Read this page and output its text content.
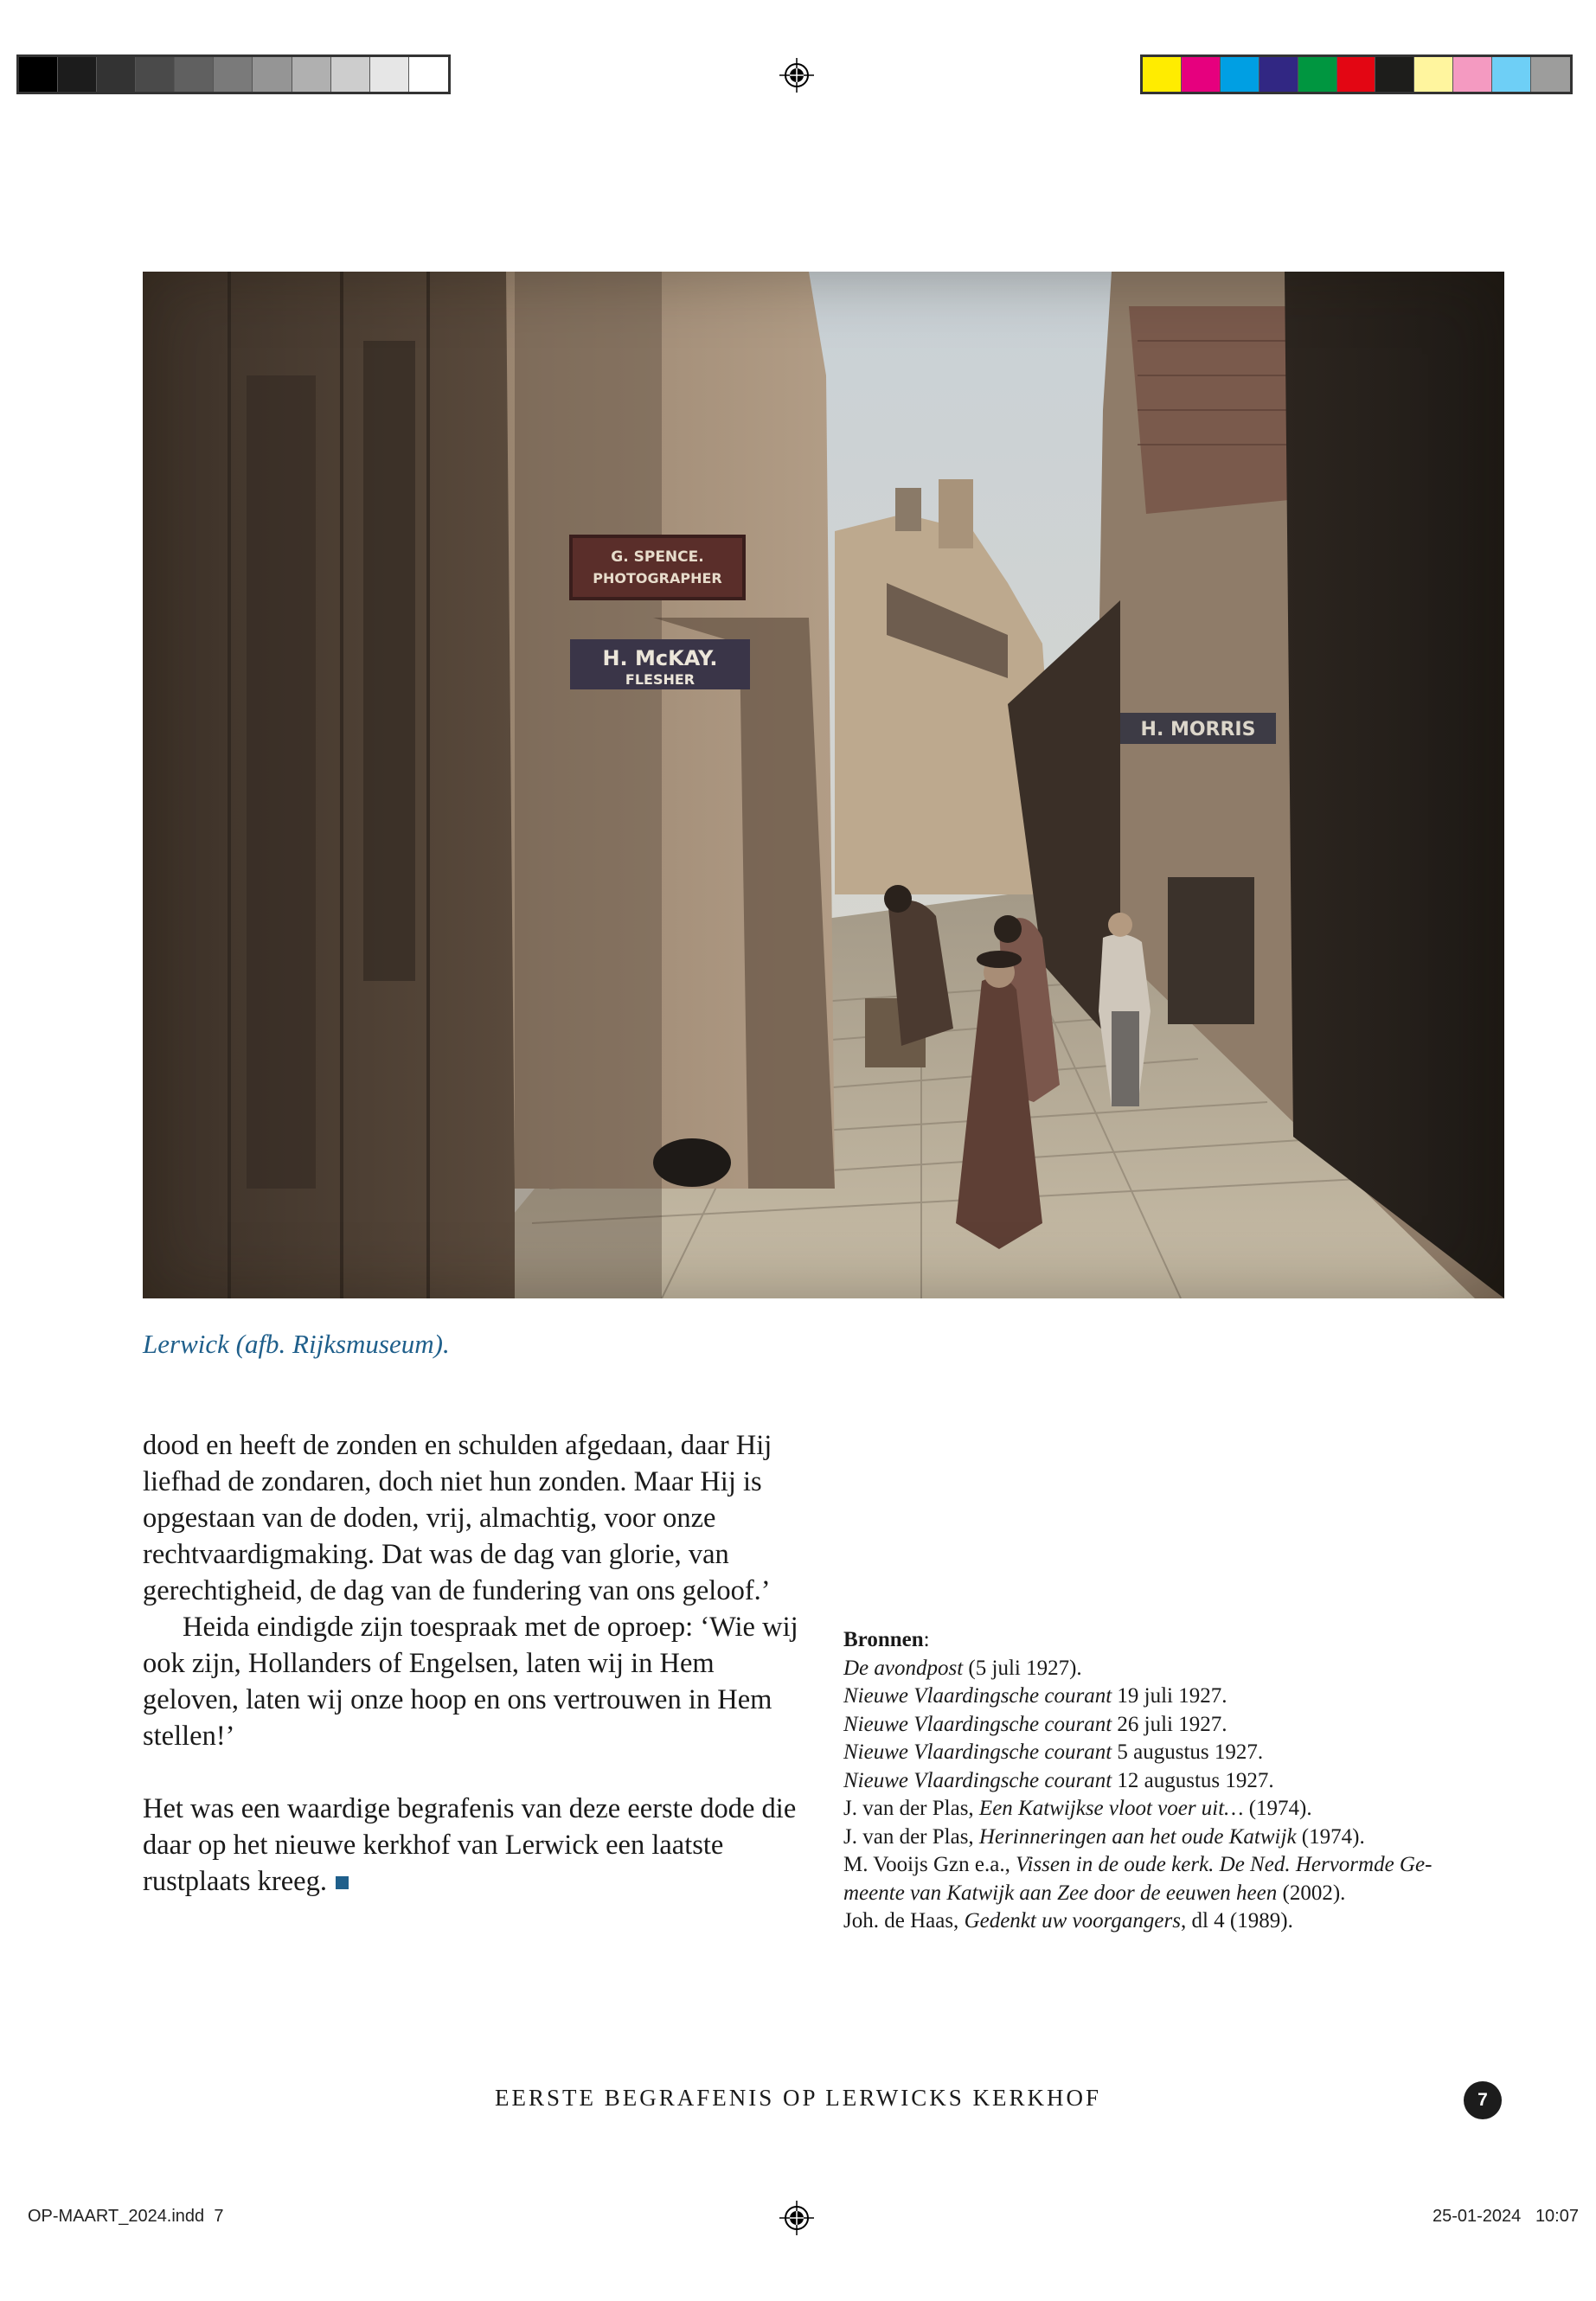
G. SPENCE.
PHOTOGRAPHER
H. McKAY.
FLESHER
H. MORRIS
Lerwick (afb. Rijksmuseum).

dood en heeft de zonden en schulden afgedaan, daar Hij liefhad de zondaren, doch niet hun zonden. Maar Hij is opgestaan van de doden, vrij, almachtig, voor onze rechtvaardigmaking. Dat was de dag van glorie, van gerechtigheid, de dag van de fundering van ons geloof.’

Heida eindigde zijn toespraak met de oproep: ‘Wie wij ook zijn, Hollanders of Engelsen, laten wij in Hem geloven, laten wij onze hoop en ons vertrouwen in Hem stellen!’

Het was een waardige begrafenis van deze eerste dode die daar op het nieuwe kerkhof van Lerwick een laatste rustplaats kreeg.

Bronnen:
De avondpost (5 juli 1927).
Nieuwe Vlaardingsche courant 19 juli 1927.
Nieuwe Vlaardingsche courant 26 juli 1927.
Nieuwe Vlaardingsche courant 5 augustus 1927.
Nieuwe Vlaardingsche courant 12 augustus 1927.
J. van der Plas, Een Katwijkse vloot voer uit… (1974).
J. van der Plas, Herinneringen aan het oude Katwijk (1974).
M. Vooijs Gzn e.a., Vissen in de oude kerk. De Ned. Hervormde Ge-
meente van Katwijk aan Zee door de eeuwen heen (2002).
Joh. de Haas, Gedenkt uw voorgangers, dl 4 (1989).
EERSTE BEGRAFENIS OP LERWICKS KERKHOF	7
OP-MAART_2024.indd 7	25-01-2024 10:07
